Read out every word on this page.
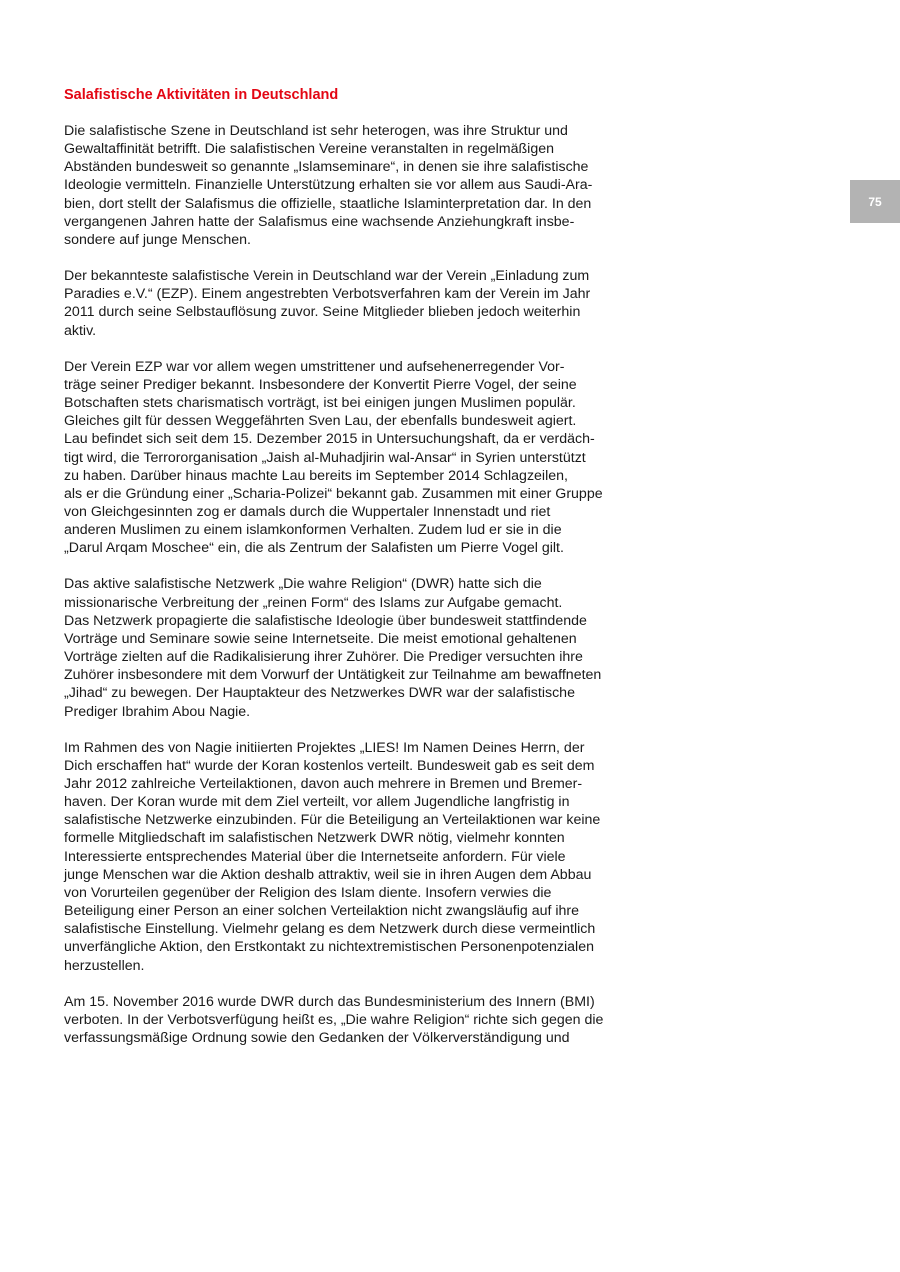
75
Salafistische Aktivitäten in Deutschland

Die salafistische Szene in Deutschland ist sehr heterogen, was ihre Struktur und
Gewaltaffinität betrifft. Die salafistischen Vereine veranstalten in regelmäßigen
Abständen bundesweit so genannte „Islamseminare“, in denen sie ihre salafistische
Ideologie vermitteln. Finanzielle Unterstützung erhalten sie vor allem aus Saudi-Ara-
bien, dort stellt der Salafismus die offizielle, staatliche Islaminterpretation dar. In den
vergangenen Jahren hatte der Salafismus eine wachsende Anziehungkraft insbe-
sondere auf junge Menschen.

Der bekannteste salafistische Verein in Deutschland war der Verein „Einladung zum
Paradies e.V.“ (EZP). Einem angestrebten Verbotsverfahren kam der Verein im Jahr
2011 durch seine Selbstauflösung zuvor. Seine Mitglieder blieben jedoch weiterhin
aktiv.

Der Verein EZP war vor allem wegen umstrittener und aufsehenerregender Vor-
träge seiner Prediger bekannt. Insbesondere der Konvertit Pierre Vogel, der seine
Botschaften stets charismatisch vorträgt, ist bei einigen jungen Muslimen populär.
Gleiches gilt für dessen Weggefährten Sven Lau, der ebenfalls bundesweit agiert.
Lau befindet sich seit dem 15. Dezember 2015 in Untersuchungshaft, da er verdäch-
tigt wird, die Terrororganisation „Jaish al-Muhadjirin wal-Ansar“ in Syrien unterstützt
zu haben. Darüber hinaus machte Lau bereits im September 2014 Schlagzeilen,
als er die Gründung einer „Scharia-Polizei“ bekannt gab. Zusammen mit einer Gruppe
von Gleichgesinnten zog er damals durch die Wuppertaler Innenstadt und riet
anderen Muslimen zu einem islamkonformen Verhalten. Zudem lud er sie in die
„Darul Arqam Moschee“ ein, die als Zentrum der Salafisten um Pierre Vogel gilt.

Das aktive salafistische Netzwerk „Die wahre Religion“ (DWR) hatte sich die
missionarische Verbreitung der „reinen Form“ des Islams zur Aufgabe gemacht.
Das Netzwerk propagierte die salafistische Ideologie über bundesweit stattfindende
Vorträge und Seminare sowie seine Internetseite. Die meist emotional gehaltenen
Vorträge zielten auf die Radikalisierung ihrer Zuhörer. Die Prediger versuchten ihre
Zuhörer insbesondere mit dem Vorwurf der Untätigkeit zur Teilnahme am bewaffneten
„Jihad“ zu bewegen. Der Hauptakteur des Netzwerkes DWR war der salafistische
Prediger Ibrahim Abou Nagie.

Im Rahmen des von Nagie initiierten Projektes „LIES! Im Namen Deines Herrn, der
Dich erschaffen hat“ wurde der Koran kostenlos verteilt. Bundesweit gab es seit dem
Jahr 2012 zahlreiche Verteilaktionen, davon auch mehrere in Bremen und Bremer-
haven. Der Koran wurde mit dem Ziel verteilt, vor allem Jugendliche langfristig in
salafistische Netzwerke einzubinden. Für die Beteiligung an Verteilaktionen war keine
formelle Mitgliedschaft im salafistischen Netzwerk DWR nötig, vielmehr konnten
Interessierte entsprechendes Material über die Internetseite anfordern. Für viele
junge Menschen war die Aktion deshalb attraktiv, weil sie in ihren Augen dem Abbau
von Vorurteilen gegenüber der Religion des Islam diente. Insofern verwies die
Beteiligung einer Person an einer solchen Verteilaktion nicht zwangsläufig auf ihre
salafistische Einstellung. Vielmehr gelang es dem Netzwerk durch diese vermeintlich
unverfängliche Aktion, den Erstkontakt zu nichtextremistischen Personenpotenzialen
herzustellen.

Am 15. November 2016 wurde DWR durch das Bundesministerium des Innern (BMI)
verboten. In der Verbotsverfügung heißt es, „Die wahre Religion“ richte sich gegen die
verfassungsmäßige Ordnung sowie den Gedanken der Völkerverständigung und
